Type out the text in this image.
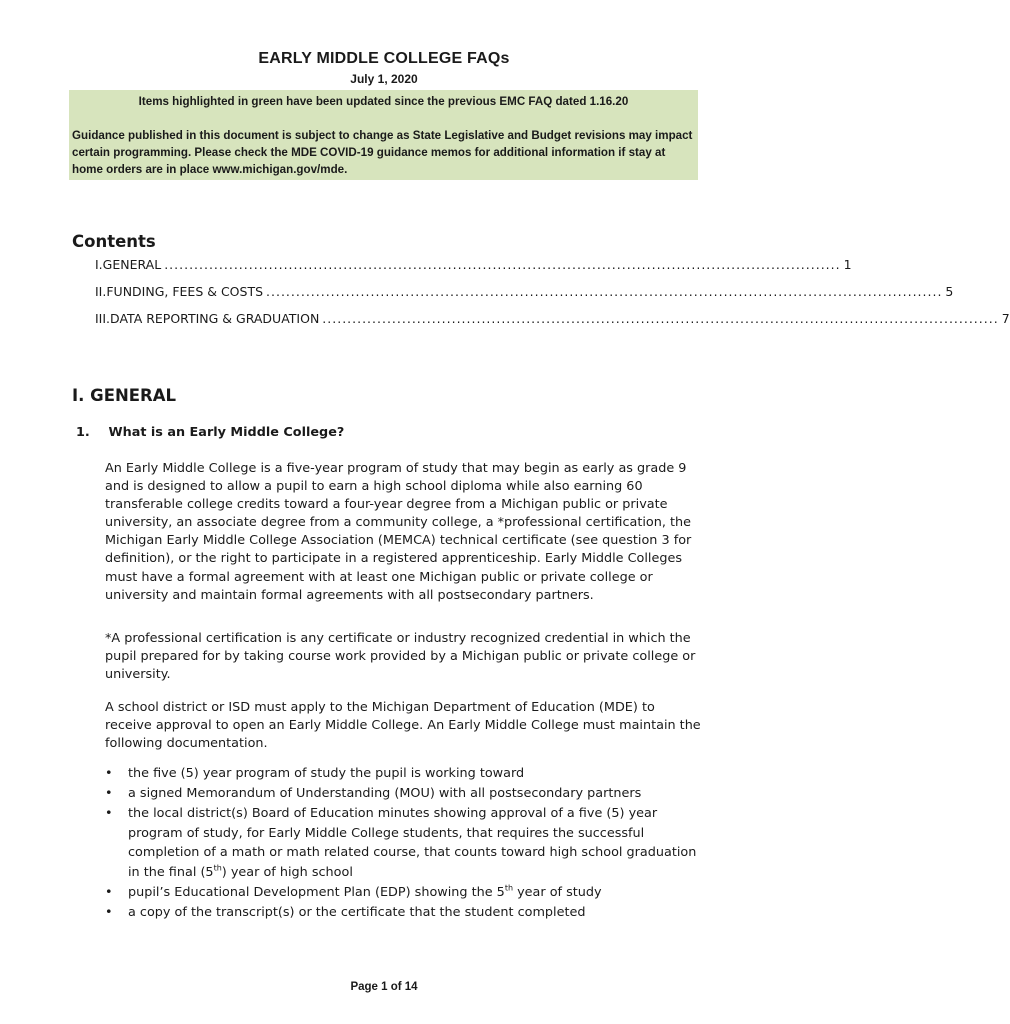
EARLY MIDDLE COLLEGE FAQs
July 1, 2020
Items highlighted in green have been updated since the previous EMC FAQ dated 1.16.20
Guidance published in this document is subject to change as State Legislative and Budget revisions may impact certain programming. Please check the MDE COVID-19 guidance memos for additional information if stay at home orders are in place www.michigan.gov/mde.
Contents
I. GENERAL ........................................................................................................................................ 1
II. FUNDING, FEES & COSTS ........................................................................................................................................ 5
III. DATA REPORTING & GRADUATION ........................................................................................................................................ 7
I. GENERAL
1. What is an Early Middle College?
An Early Middle College is a five-year program of study that may begin as early as grade 9 and is designed to allow a pupil to earn a high school diploma while also earning 60 transferable college credits toward a four-year degree from a Michigan public or private university, an associate degree from a community college, a *professional certification, the Michigan Early Middle College Association (MEMCA) technical certificate (see question 3 for definition), or the right to participate in a registered apprenticeship. Early Middle Colleges must have a formal agreement with at least one Michigan public or private college or university and maintain formal agreements with all postsecondary partners.
*A professional certification is any certificate or industry recognized credential in which the pupil prepared for by taking course work provided by a Michigan public or private college or university.
A school district or ISD must apply to the Michigan Department of Education (MDE) to receive approval to open an Early Middle College. An Early Middle College must maintain the following documentation.
• the five (5) year program of study the pupil is working toward
• a signed Memorandum of Understanding (MOU) with all postsecondary partners
• the local district(s) Board of Education minutes showing approval of a five (5) year program of study, for Early Middle College students, that requires the successful completion of a math or math related course, that counts toward high school graduation in the final (5th) year of high school
• pupil’s Educational Development Plan (EDP) showing the 5th year of study
• a copy of the transcript(s) or the certificate that the student completed
Page 1 of 14
